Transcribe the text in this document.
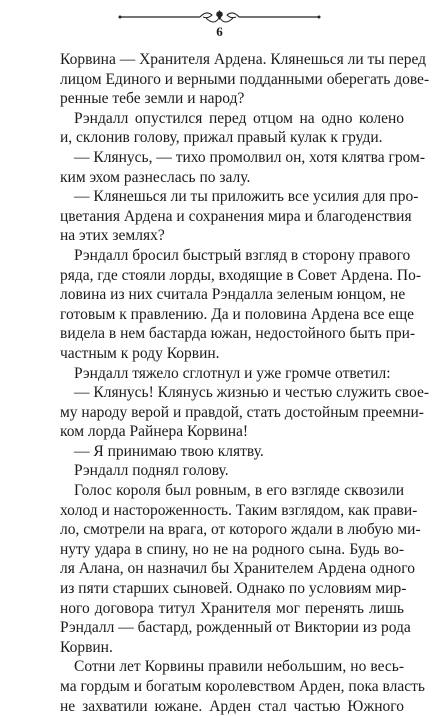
6
Корвина — Хранителя Ардена. Клянешься ли ты перед
лицом Единого и верными подданными оберегать дове-
ренные тебе земли и народ?
Рэндалл опустился перед отцом на одно колено
и, склонив голову, прижал правый кулак к груди.
— Клянусь, — тихо промолвил он, хотя клятва гром-
ким эхом разнеслась по залу.
— Клянешься ли ты приложить все усилия для про-
цветания Ардена и сохранения мира и благоденствия
на этих землях?
Рэндалл бросил быстрый взгляд в сторону правого
ряда, где стояли лорды, входящие в Совет Ардена. По-
ловина из них считала Рэндалла зеленым юнцом, не
готовым к правлению. Да и половина Ардена все еще
видела в нем бастарда южан, недостойного быть при-
частным к роду Корвин.
Рэндалл тяжело сглотнул и уже громче ответил:
— Клянусь! Клянусь жизнью и честью служить свое-
му народу верой и правдой, стать достойным преемни-
ком лорда Райнера Корвина!
— Я принимаю твою клятву.
Рэндалл поднял голову.
Голос короля был ровным, в его взгляде сквозили
холод и настороженность. Таким взглядом, как прави-
ло, смотрели на врага, от которого ждали в любую ми-
нуту удара в спину, но не на родного сына. Будь во-
ля Алана, он назначил бы Хранителем Ардена одного
из пяти старших сыновей. Однако по условиям мир-
ного договора титул Хранителя мог перенять лишь
Рэндалл — бастард, рожденный от Виктории из рода
Корвин.
Сотни лет Корвины правили небольшим, но весь-
ма гордым и богатым королевством Арден, пока власть
не захватили южане. Арден стал частью Южного
